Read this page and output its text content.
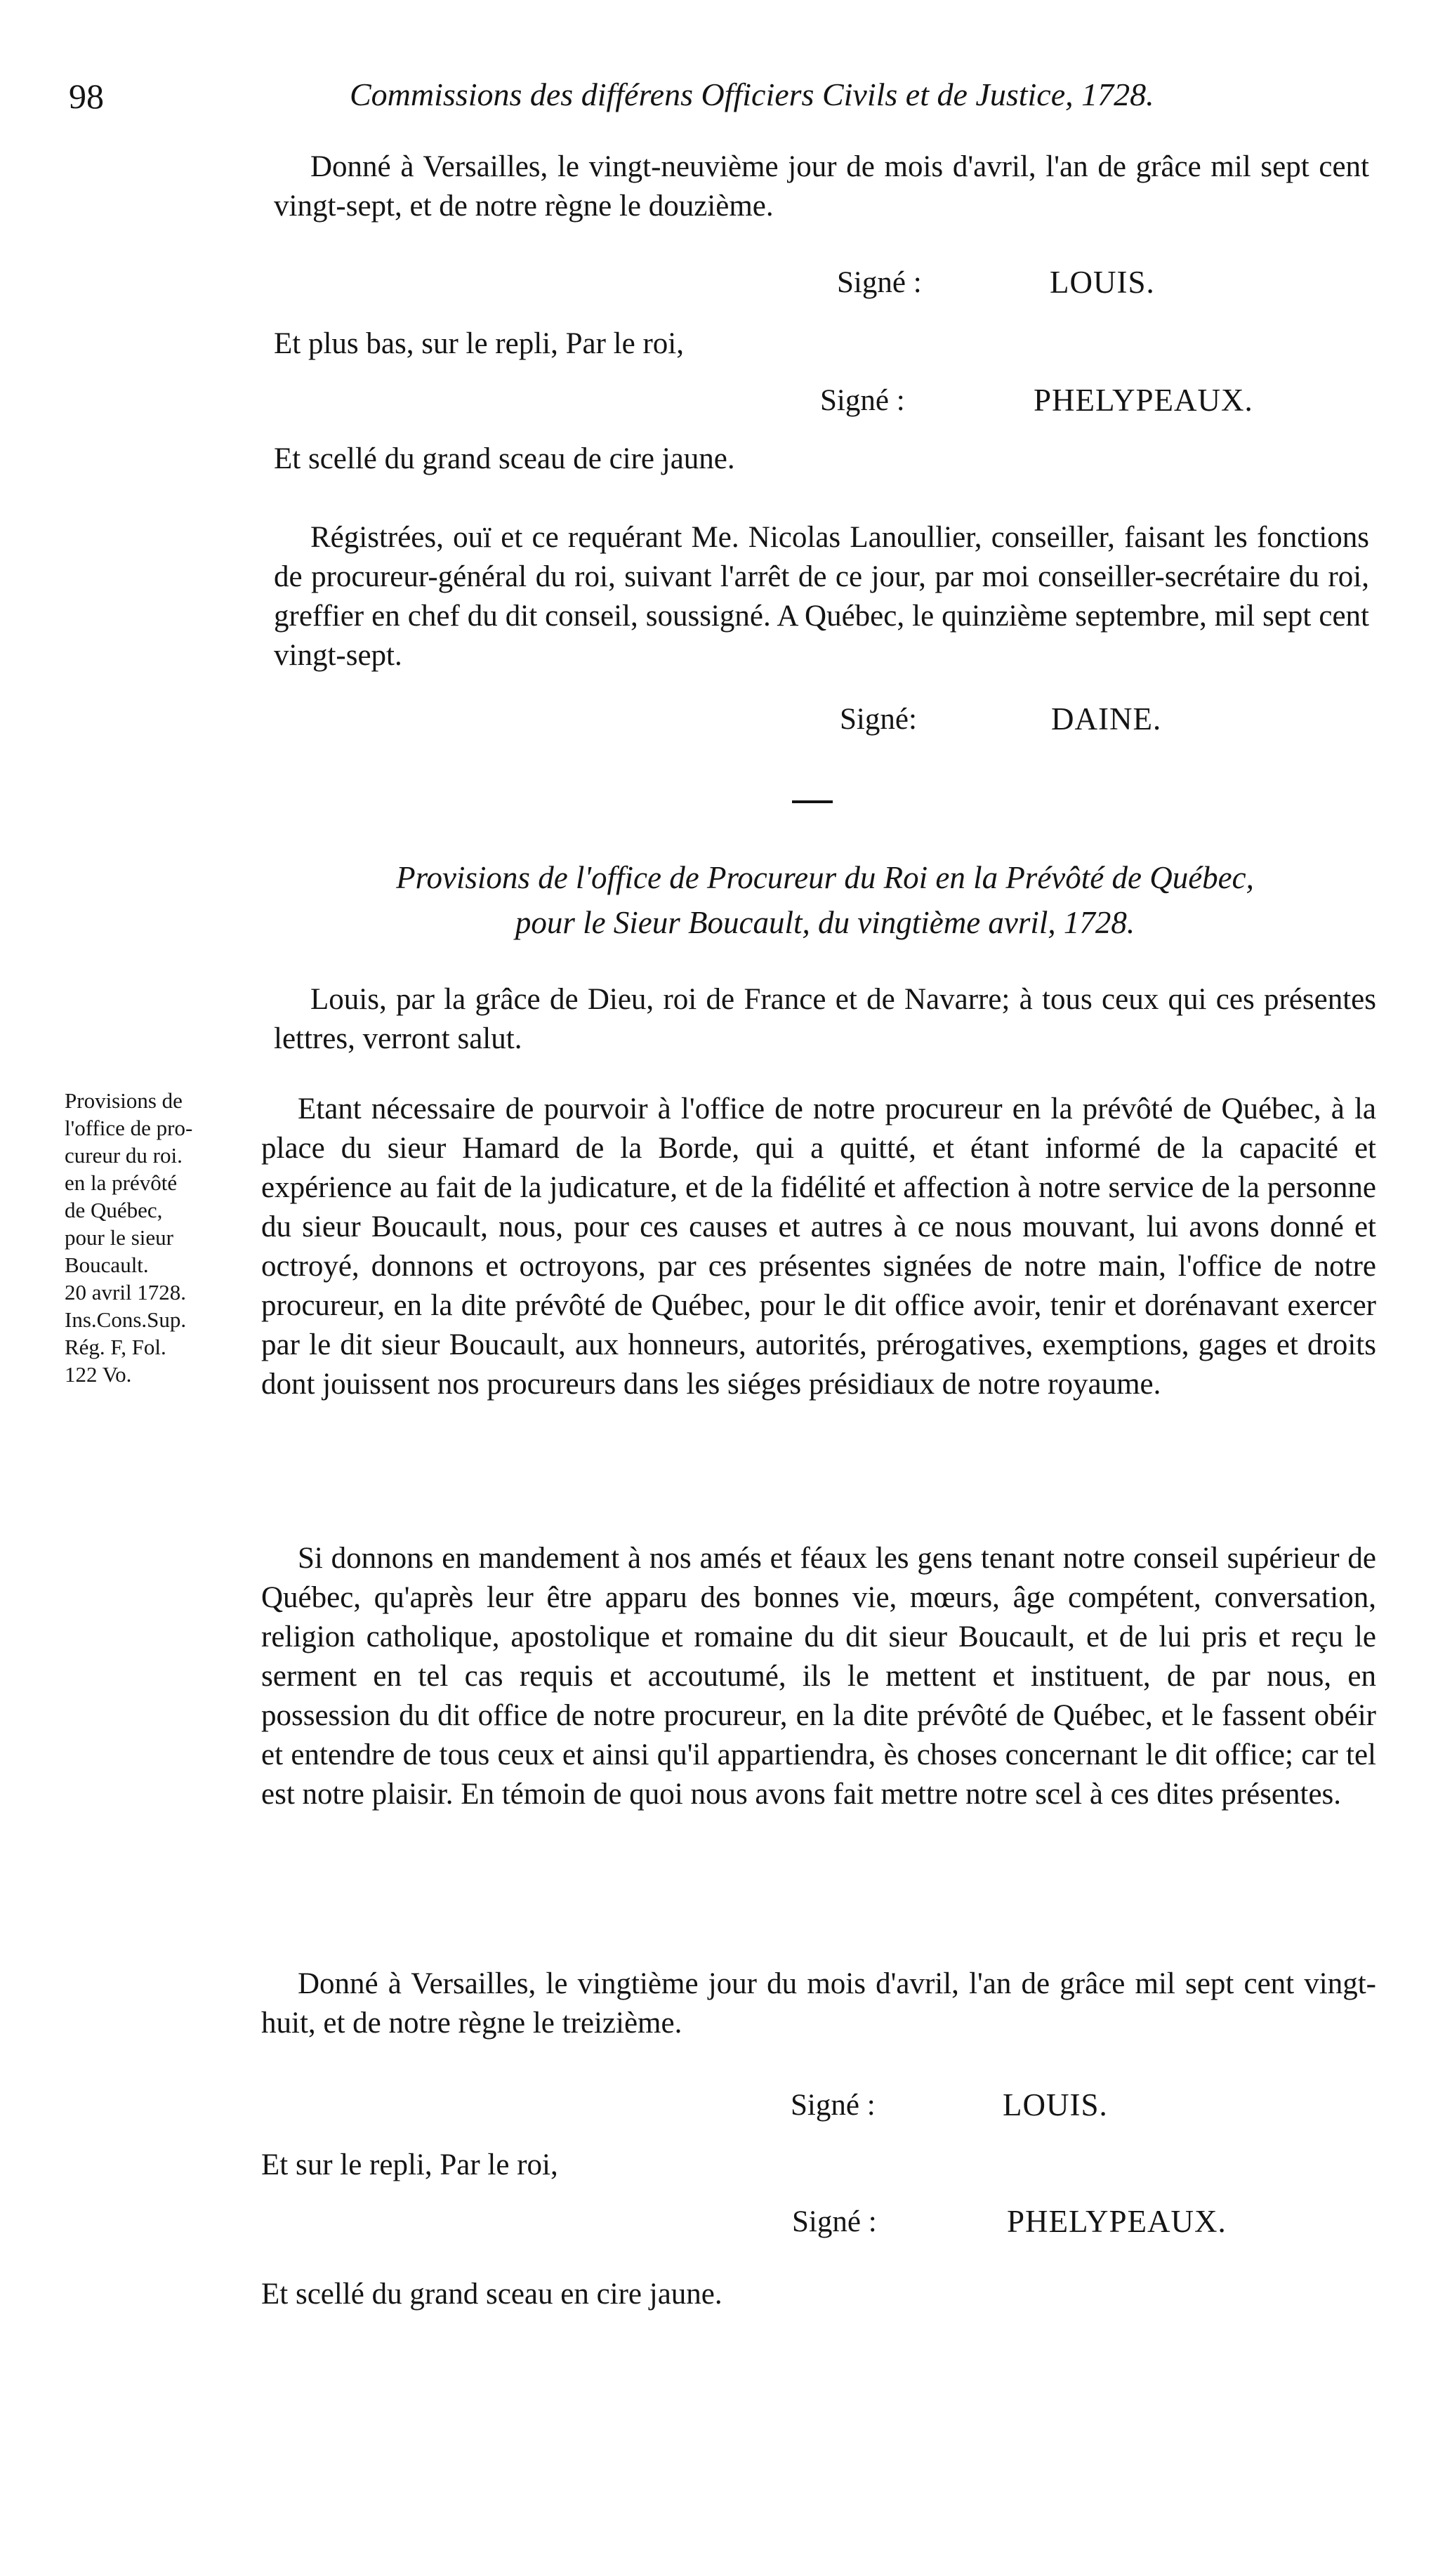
98	Commissions des différens Officiers Civils et de Justice, 1728.
Donné à Versailles, le vingt-neuvième jour de mois d'avril, l'an de grâce mil sept cent vingt-sept, et de notre règne le douzième.
Signé :	LOUIS.
Et plus bas, sur le repli, Par le roi,
Signé :	PHELYPEAUX.
Et scellé du grand sceau de cire jaune.
Régistrées, ouï et ce requérant Me. Nicolas Lanoullier, conseiller, faisant les fonctions de procureur-général du roi, suivant l'arrêt de ce jour, par moi conseiller-secrétaire du roi, greffier en chef du dit conseil, soussigné. A Québec, le quinzième septembre, mil sept cent vingt-sept.
Signé:	DAINE.
Provisions de l'office de Procureur du Roi en la Prévôté de Québec,
pour le Sieur Boucault, du vingtième avril, 1728.
Louis, par la grâce de Dieu, roi de France et de Navarre; à tous ceux qui ces présentes lettres, verront salut.
Provisions de
l'office de pro-
cureur du roi.
en la prévôté
de Québec,
pour le sieur
Boucault.
20 avril 1728.
Ins.Cons.Sup.
Rég. F, Fol.
122 Vo.
Etant nécessaire de pourvoir à l'office de notre procureur en la prévôté de Québec, à la place du sieur Hamard de la Borde, qui a quitté, et étant informé de la capacité et expérience au fait de la judicature, et de la fidélité et affection à notre service de la personne du sieur Boucault, nous, pour ces causes et autres à ce nous mouvant, lui avons donné et octroyé, donnons et octroyons, par ces présentes signées de notre main, l'office de notre procureur, en la dite prévôté de Québec, pour le dit office avoir, tenir et dorénavant exercer par le dit sieur Boucault, aux honneurs, autorités, prérogatives, exemptions, gages et droits dont jouissent nos procureurs dans les siéges présidiaux de notre royaume.
Si donnons en mandement à nos amés et féaux les gens tenant notre conseil supérieur de Québec, qu'après leur être apparu des bonnes vie, mœurs, âge compétent, conversation, religion catholique, apostolique et romaine du dit sieur Boucault, et de lui pris et reçu le serment en tel cas requis et accoutumé, ils le mettent et instituent, de par nous, en possession du dit office de notre procureur, en la dite prévôté de Québec, et le fassent obéir et entendre de tous ceux et ainsi qu'il appartiendra, ès choses concernant le dit office; car tel est notre plaisir. En témoin de quoi nous avons fait mettre notre scel à ces dites présentes.
Donné à Versailles, le vingtième jour du mois d'avril, l'an de grâce mil sept cent vingt-huit, et de notre règne le treizième.
Signé :	LOUIS.
Et sur le repli, Par le roi,
Signé :	PHELYPEAUX.
Et scellé du grand sceau en cire jaune.
